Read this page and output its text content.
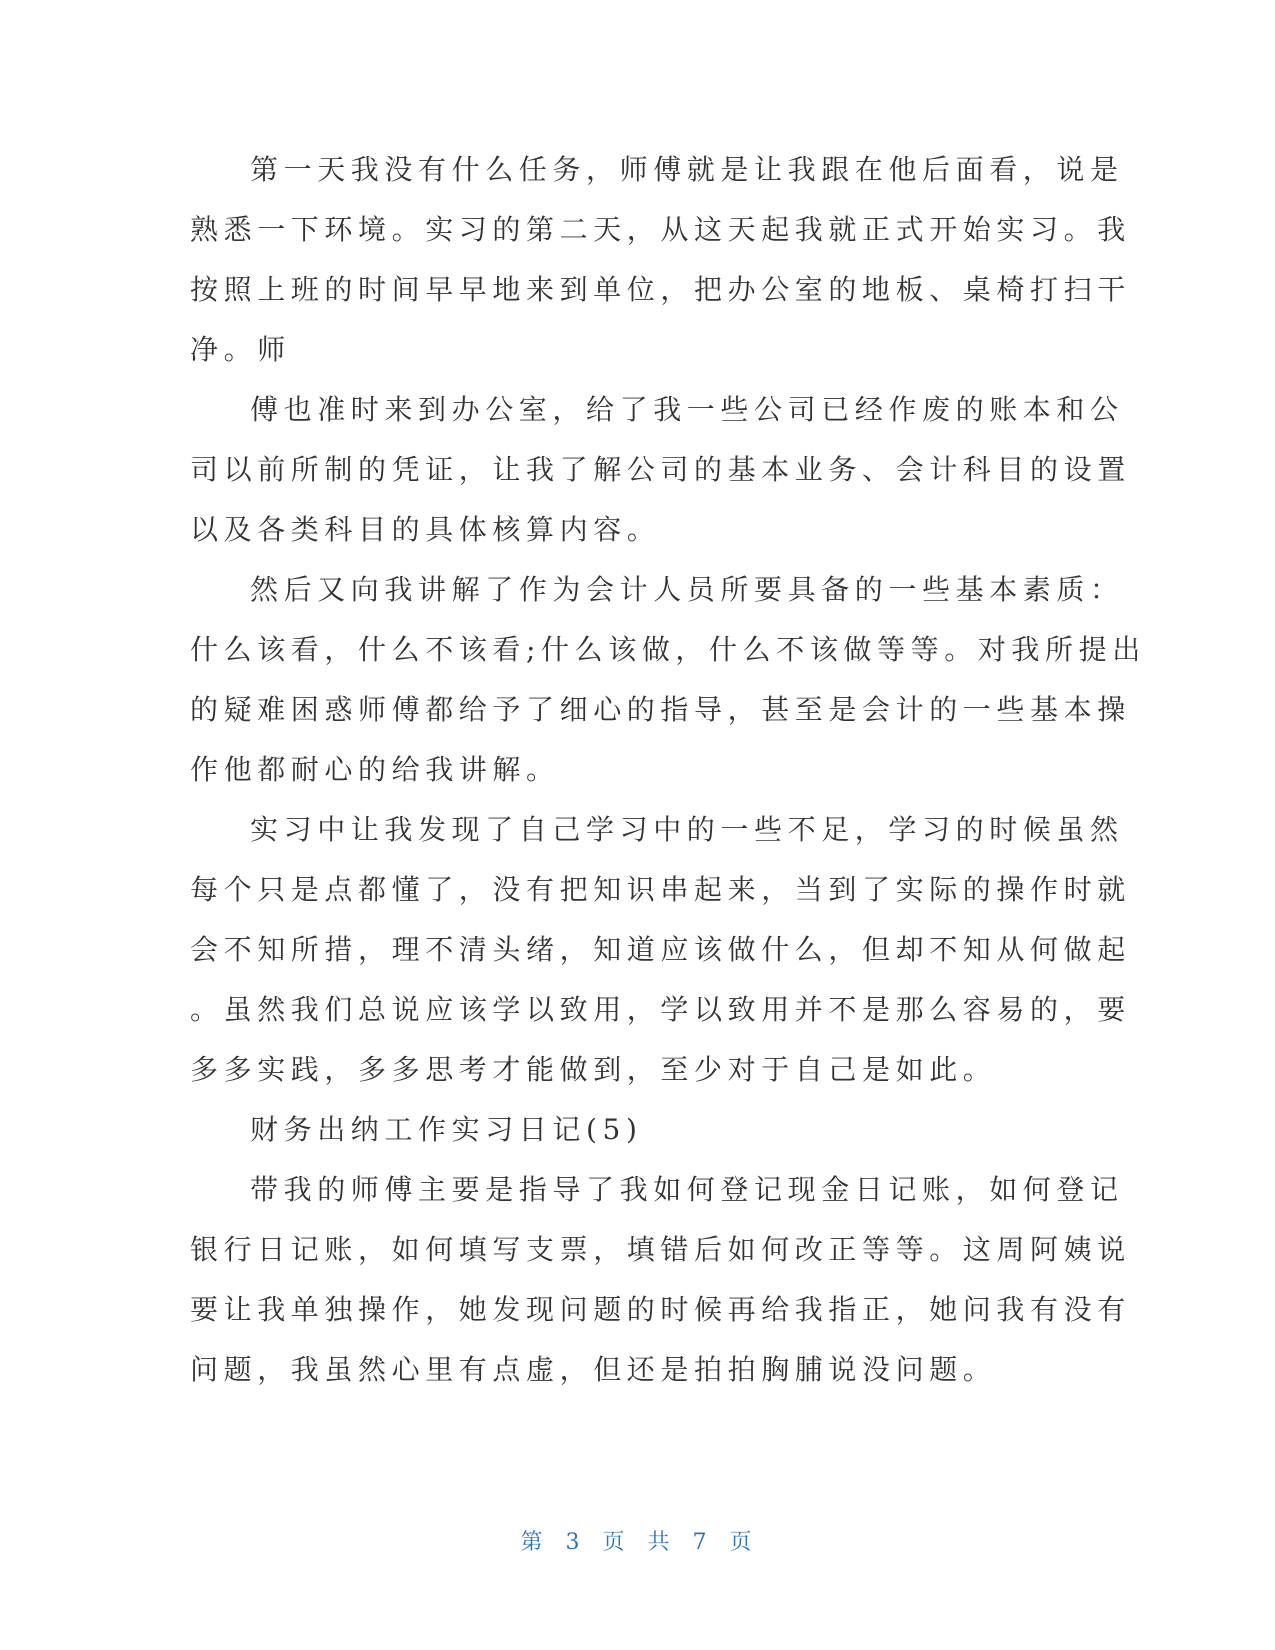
第一天我没有什么任务，师傅就是让我跟在他后面看，说是
熟悉一下环境。实习的第二天，从这天起我就正式开始实习。我
按照上班的时间早早地来到单位，把办公室的地板、桌椅打扫干
净。师
傅也准时来到办公室，给了我一些公司已经作废的账本和公
司以前所制的凭证，让我了解公司的基本业务、会计科目的设置
以及各类科目的具体核算内容。
然后又向我讲解了作为会计人员所要具备的一些基本素质：
什么该看，什么不该看;什么该做，什么不该做等等。对我所提出
的疑难困惑师傅都给予了细心的指导，甚至是会计的一些基本操
作他都耐心的给我讲解。
实习中让我发现了自己学习中的一些不足，学习的时候虽然
每个只是点都懂了，没有把知识串起来，当到了实际的操作时就
会不知所措，理不清头绪，知道应该做什么，但却不知从何做起
。虽然我们总说应该学以致用，学以致用并不是那么容易的，要
多多实践，多多思考才能做到，至少对于自己是如此。
财务出纳工作实习日记(5)
带我的师傅主要是指导了我如何登记现金日记账，如何登记
银行日记账，如何填写支票，填错后如何改正等等。这周阿姨说
要让我单独操作，她发现问题的时候再给我指正，她问我有没有
问题，我虽然心里有点虚，但还是拍拍胸脯说没问题。
第 3 页 共 7 页
